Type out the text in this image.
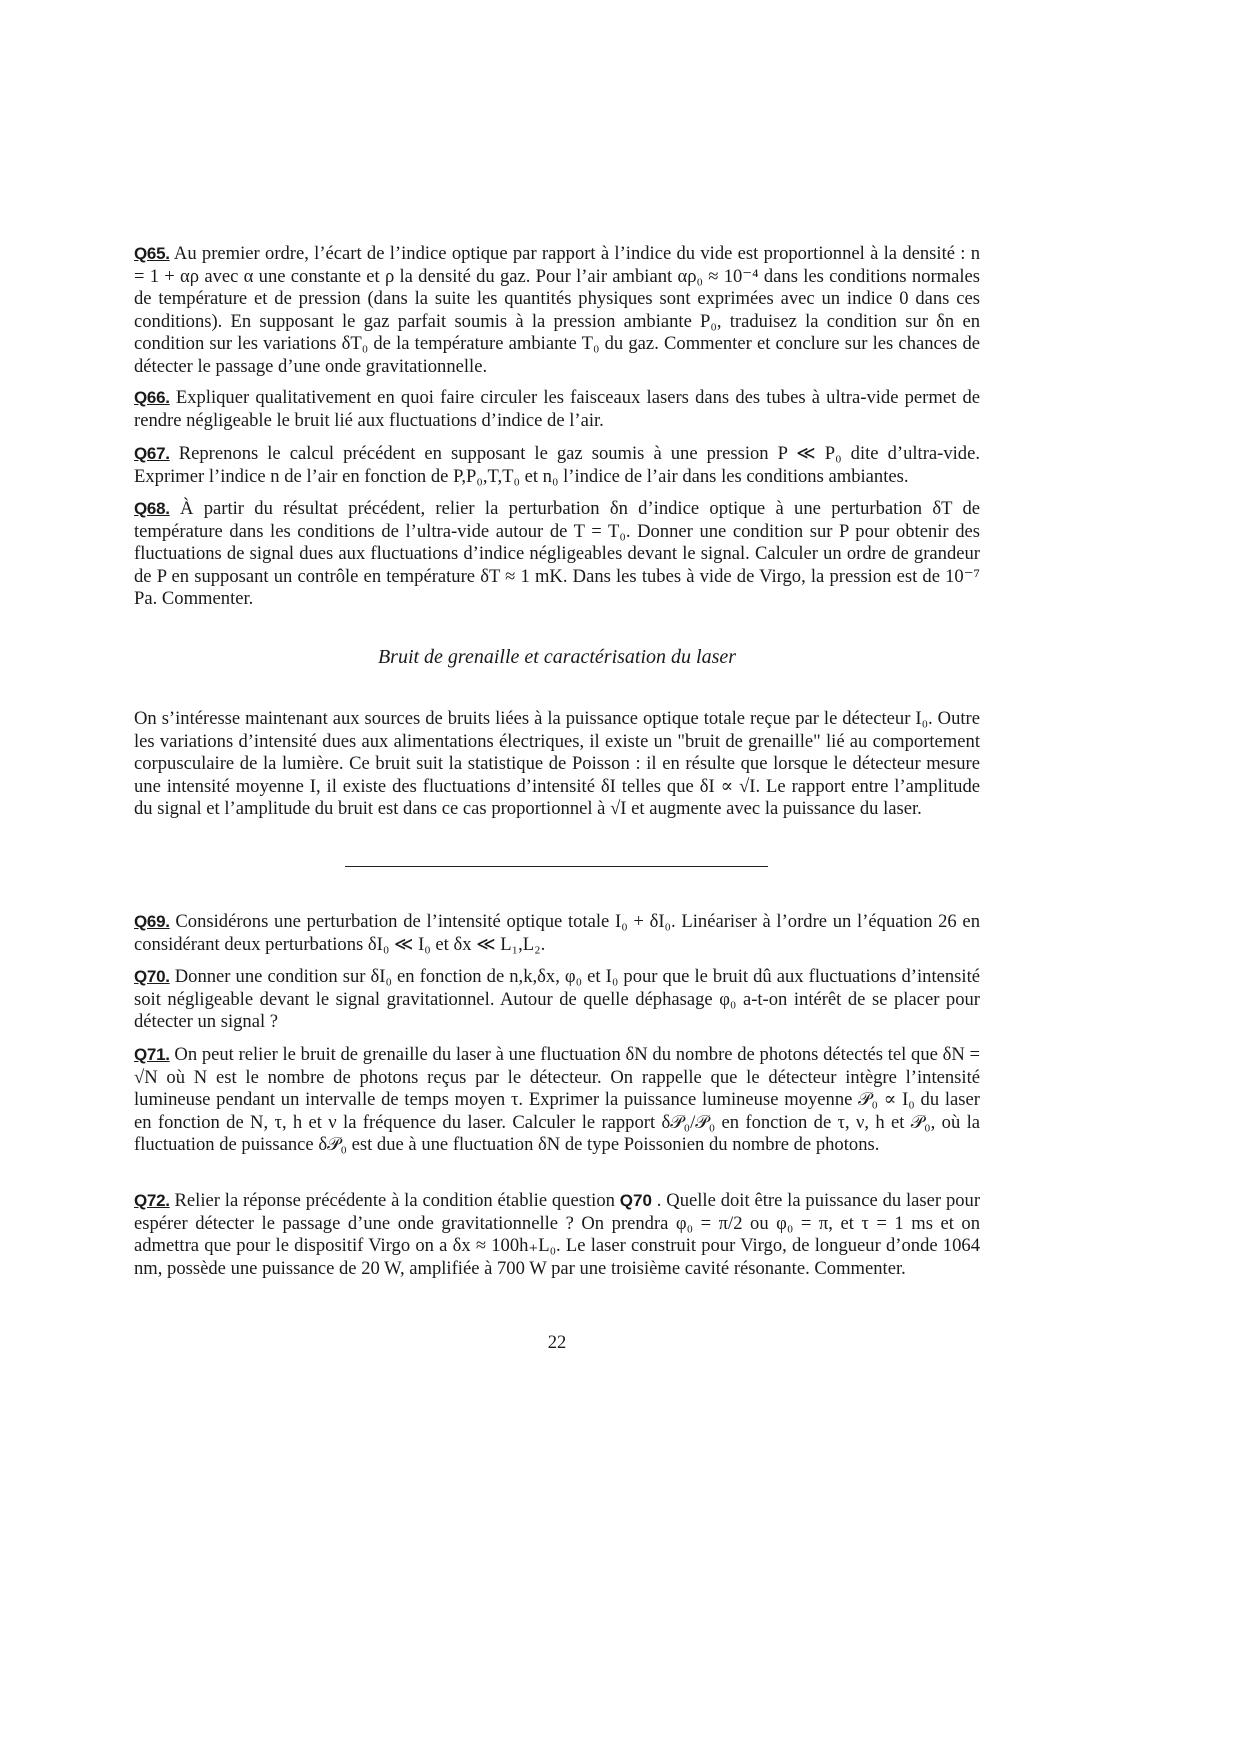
Q65. Au premier ordre, l’écart de l’indice optique par rapport à l’indice du vide est proportionnel à la densité : n = 1 + αρ avec α une constante et ρ la densité du gaz. Pour l’air ambiant αρ₀ ≈ 10⁻⁴ dans les conditions normales de température et de pression (dans la suite les quantités physiques sont exprimées avec un indice 0 dans ces conditions). En supposant le gaz parfait soumis à la pression ambiante P₀, traduisez la condition sur δn en condition sur les variations δT₀ de la température ambiante T₀ du gaz. Commenter et conclure sur les chances de détecter le passage d’une onde gravitationnelle.
Q66. Expliquer qualitativement en quoi faire circuler les faisceaux lasers dans des tubes à ultra-vide permet de rendre négligeable le bruit lié aux fluctuations d’indice de l’air.
Q67. Reprenons le calcul précédent en supposant le gaz soumis à une pression P ≪ P₀ dite d’ultra-vide. Exprimer l’indice n de l’air en fonction de P,P₀,T,T₀ et n₀ l’indice de l’air dans les conditions ambiantes.
Q68. À partir du résultat précédent, relier la perturbation δn d’indice optique à une perturbation δT de température dans les conditions de l’ultra-vide autour de T = T₀. Donner une condition sur P pour obtenir des fluctuations de signal dues aux fluctuations d’indice négligeables devant le signal. Calculer un ordre de grandeur de P en supposant un contrôle en température δT ≈ 1 mK. Dans les tubes à vide de Virgo, la pression est de 10⁻⁷ Pa. Commenter.
Bruit de grenaille et caractérisation du laser
On s’intéresse maintenant aux sources de bruits liées à la puissance optique totale reçue par le détecteur I₀. Outre les variations d’intensité dues aux alimentations électriques, il existe un "bruit de grenaille" lié au comportement corpusculaire de la lumière. Ce bruit suit la statistique de Poisson : il en résulte que lorsque le détecteur mesure une intensité moyenne I, il existe des fluctuations d’intensité δI telles que δI ∝ √I. Le rapport entre l’amplitude du signal et l’amplitude du bruit est dans ce cas proportionnel à √I et augmente avec la puissance du laser.
Q69. Considérons une perturbation de l’intensité optique totale I₀ + δI₀. Linéariser à l’ordre un l’équation 26 en considérant deux perturbations δI₀ ≪ I₀ et δx ≪ L₁,L₂.
Q70. Donner une condition sur δI₀ en fonction de n,k,δx, φ₀ et I₀ pour que le bruit dû aux fluctuations d’intensité soit négligeable devant le signal gravitationnel. Autour de quelle déphasage φ₀ a-t-on intérêt de se placer pour détecter un signal ?
Q71. On peut relier le bruit de grenaille du laser à une fluctuation δN du nombre de photons détectés tel que δN = √N où N est le nombre de photons reçus par le détecteur. On rappelle que le détecteur intègre l’intensité lumineuse pendant un intervalle de temps moyen τ. Exprimer la puissance lumineuse moyenne 𝒫₀ ∝ I₀ du laser en fonction de N, τ, h et ν la fréquence du laser. Calculer le rapport δ𝒫₀/𝒫₀ en fonction de τ, ν, h et 𝒫₀, où la fluctuation de puissance δ𝒫₀ est due à une fluctuation δN de type Poissonien du nombre de photons.
Q72. Relier la réponse précédente à la condition établie question Q70 . Quelle doit être la puissance du laser pour espérer détecter le passage d’une onde gravitationnelle ? On prendra φ₀ = π/2 ou φ₀ = π, et τ = 1 ms et on admettra que pour le dispositif Virgo on a δx ≈ 100h₊L₀. Le laser construit pour Virgo, de longueur d’onde 1064 nm, possède une puissance de 20 W, amplifiée à 700 W par une troisième cavité résonante. Commenter.
22
